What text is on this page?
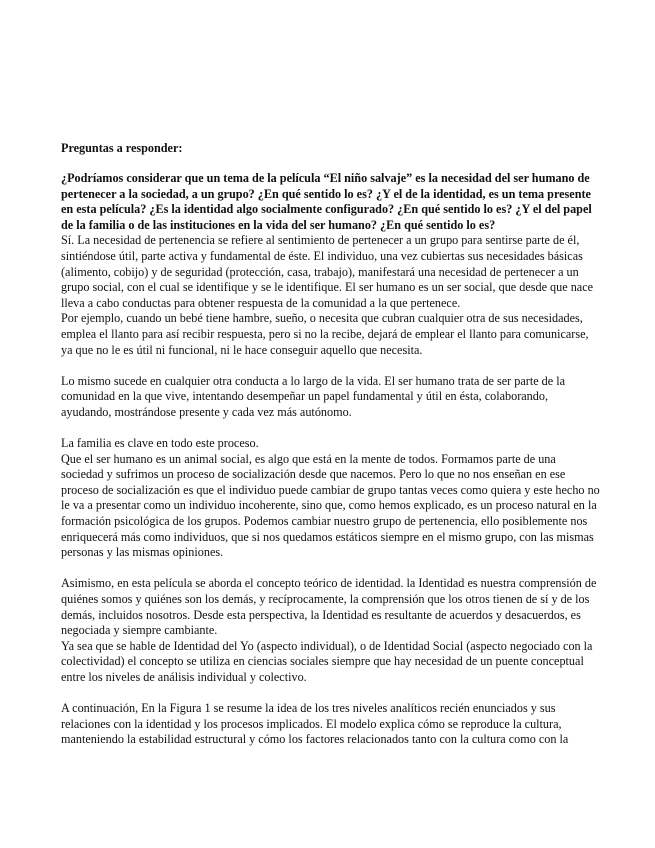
Preguntas a responder:

¿Podríamos considerar que un tema de la película “El niño salvaje” es la necesidad del ser humano de pertenecer a la sociedad, a un grupo? ¿En qué sentido lo es? ¿Y el de la identidad, es un tema presente en esta película? ¿Es la identidad algo socialmente configurado? ¿En qué sentido lo es? ¿Y el del papel de la familia o de las instituciones en la vida del ser humano? ¿En qué sentido lo es?

Sí. La necesidad de pertenencia se refiere al sentimiento de pertenecer a un grupo para sentirse parte de él, sintiéndose útil, parte activa y fundamental de éste. El individuo, una vez cubiertas sus necesidades básicas (alimento, cobijo) y de seguridad (protección, casa, trabajo), manifestará una necesidad de pertenecer a un grupo social, con el cual se identifique y se le identifique. El ser humano es un ser social, que desde que nace lleva a cabo conductas para obtener respuesta de la comunidad a la que pertenece.

Por ejemplo, cuando un bebé tiene hambre, sueño, o necesita que cubran cualquier otra de sus necesidades, emplea el llanto para así recibir respuesta, pero si no la recibe, dejará de emplear el llanto para comunicarse, ya que no le es útil ni funcional, ni le hace conseguir aquello que necesita.

Lo mismo sucede en cualquier otra conducta a lo largo de la vida. El ser humano trata de ser parte de la comunidad en la que vive, intentando desempeñar un papel fundamental y útil en ésta, colaborando, ayudando, mostrándose presente y cada vez más autónomo.

La familia es clave en todo este proceso.

Que el ser humano es un animal social, es algo que está en la mente de todos. Formamos parte de una sociedad y sufrimos un proceso de socialización desde que nacemos. Pero lo que no nos enseñan en ese proceso de socialización es que el individuo puede cambiar de grupo tantas veces como quiera y este hecho no le va a presentar como un individuo incoherente, sino que, como hemos explicado, es un proceso natural en la formación psicológica de los grupos. Podemos cambiar nuestro grupo de pertenencia, ello posiblemente nos enriquecerá más como individuos, que si nos quedamos estáticos siempre en el mismo grupo, con las mismas personas y las mismas opiniones.

Asimismo, en esta película se aborda el concepto teórico de identidad. la Identidad es nuestra comprensión de quiénes somos y quiénes son los demás, y recíprocamente, la comprensión que los otros tienen de sí y de los demás, incluidos nosotros. Desde esta perspectiva, la Identidad es resultante de acuerdos y desacuerdos, es negociada y siempre cambiante.

Ya sea que se hable de Identidad del Yo (aspecto individual), o de Identidad Social (aspecto negociado con la colectividad) el concepto se utiliza en ciencias sociales siempre que hay necesidad de un puente conceptual entre los niveles de análisis individual y colectivo.

A continuación, En la Figura 1 se resume la idea de los tres niveles analíticos recién enunciados y sus relaciones con la identidad y los procesos implicados. El modelo explica cómo se reproduce la cultura, manteniendo la estabilidad estructural y cómo los factores relacionados tanto con la cultura como con la
